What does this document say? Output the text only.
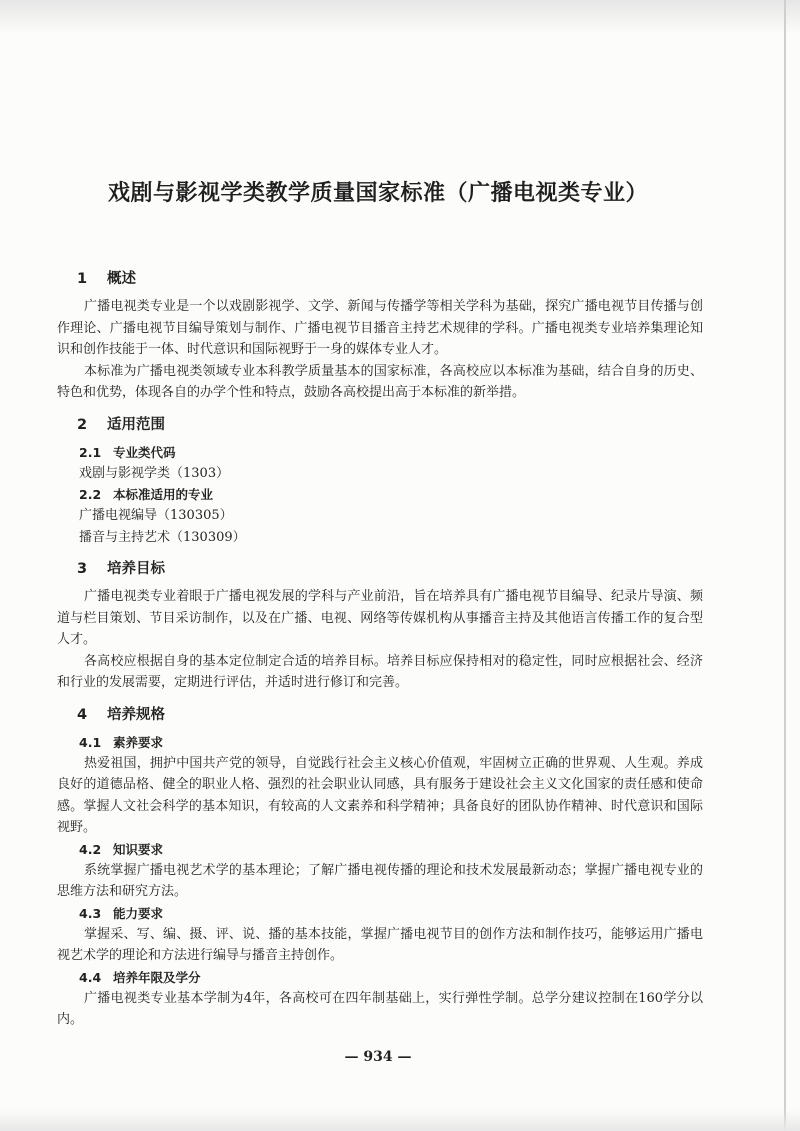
戏剧与影视学类教学质量国家标准（广播电视类专业）
1 概述

广播电视类专业是一个以戏剧影视学、文学、新闻与传播学等相关学科为基础，探究广播电视节目传播与创作理论、广播电视节目编导策划与制作、广播电视节目播音主持艺术规律的学科。广播电视类专业培养集理论知识和创作技能于一体、时代意识和国际视野于一身的媒体专业人才。

本标准为广播电视类领域专业本科教学质量基本的国家标准，各高校应以本标准为基础，结合自身的历史、特色和优势，体现各自的办学个性和特点，鼓励各高校提出高于本标准的新举措。

2 适用范围
2.1 专业类代码

戏剧与影视学类（1303）

2.2 本标准适用的专业

广播电视编导（130305）

播音与主持艺术（130309）

3 培养目标

广播电视类专业着眼于广播电视发展的学科与产业前沿，旨在培养具有广播电视节目编导、纪录片导演、频道与栏目策划、节目采访制作，以及在广播、电视、网络等传媒机构从事播音主持及其他语言传播工作的复合型人才。

各高校应根据自身的基本定位制定合适的培养目标。培养目标应保持相对的稳定性，同时应根据社会、经济和行业的发展需要，定期进行评估，并适时进行修订和完善。

4 培养规格
4.1 素养要求

热爱祖国，拥护中国共产党的领导，自觉践行社会主义核心价值观，牢固树立正确的世界观、人生观。养成良好的道德品格、健全的职业人格、强烈的社会职业认同感，具有服务于建设社会主义文化国家的责任感和使命感。掌握人文社会科学的基本知识，有较高的人文素养和科学精神；具备良好的团队协作精神、时代意识和国际视野。

4.2 知识要求

系统掌握广播电视艺术学的基本理论；了解广播电视传播的理论和技术发展最新动态；掌握广播电视专业的思维方法和研究方法。

4.3 能力要求

掌握采、写、编、摄、评、说、播的基本技能，掌握广播电视节目的创作方法和制作技巧，能够运用广播电视艺术学的理论和方法进行编导与播音主持创作。

4.4 培养年限及学分

广播电视类专业基本学制为4年，各高校可在四年制基础上，实行弹性学制。总学分建议控制在160学分以内。

— 934 —
